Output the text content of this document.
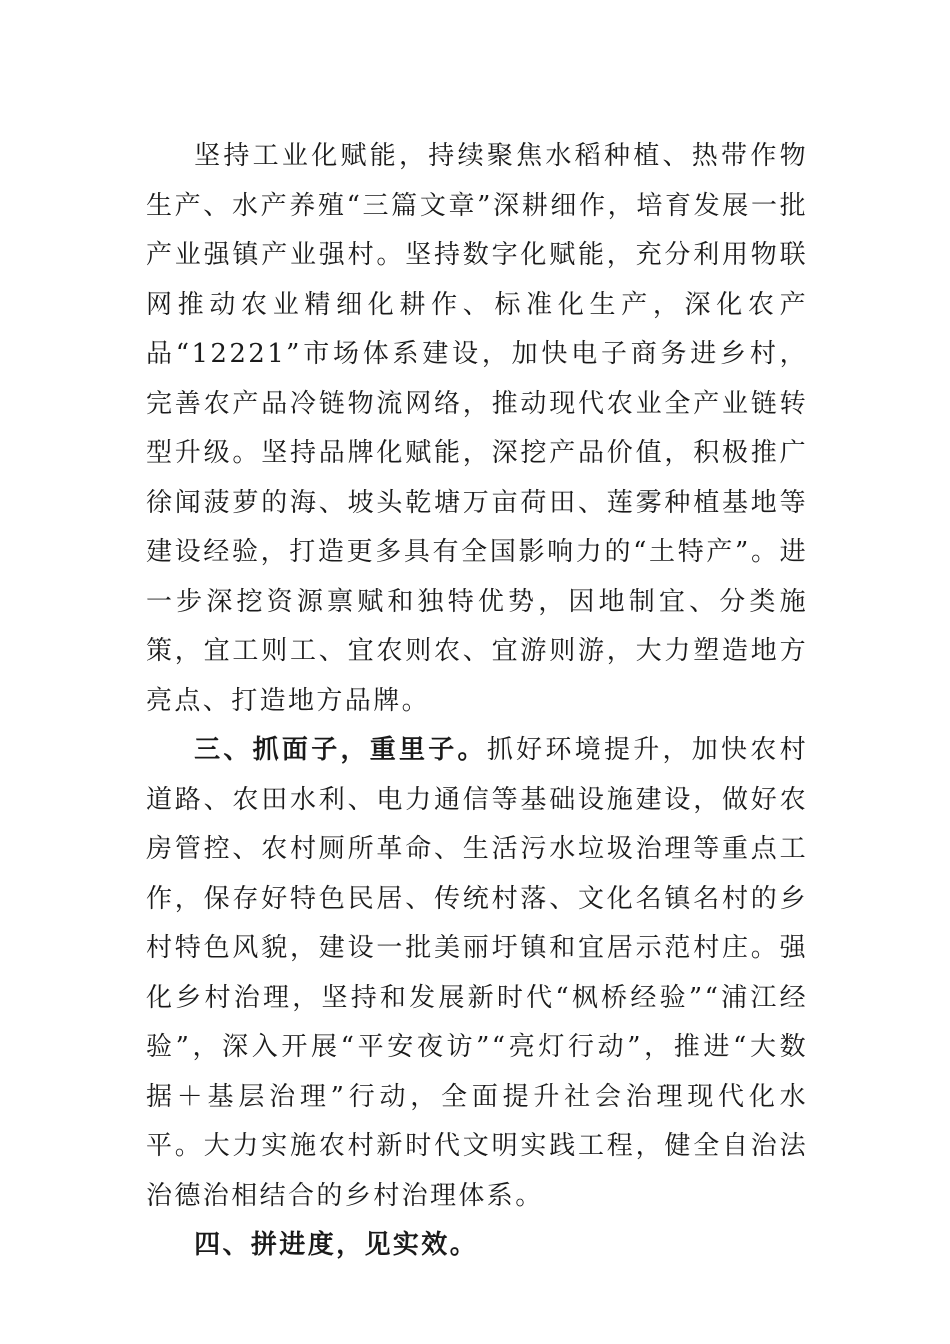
坚持工业化赋能，持续聚焦水稻种植、热带作物生产、水产养殖“三篇文章”深耕细作，培育发展一批产业强镇产业强村。坚持数字化赋能，充分利用物联网推动农业精细化耕作、标准化生产，深化农产品“12221”市场体系建设，加快电子商务进乡村，完善农产品冷链物流网络，推动现代农业全产业链转型升级。坚持品牌化赋能，深挖产品价值，积极推广徐闻菠萝的海、坡头乾塘万亩荷田、莲雾种植基地等建设经验，打造更多具有全国影响力的“土特产”。进一步深挖资源禀赋和独特优势，因地制宜、分类施策，宜工则工、宜农则农、宜游则游，大力塑造地方亮点、打造地方品牌。

三、抓面子，重里子。抓好环境提升，加快农村道路、农田水利、电力通信等基础设施建设，做好农房管控、农村厕所革命、生活污水垃圾治理等重点工作，保存好特色民居、传统村落、文化名镇名村的乡村特色风貌，建设一批美丽圩镇和宜居示范村庄。强化乡村治理，坚持和发展新时代“枫桥经验”“浦江经验”，深入开展“平安夜访”“亮灯行动”，推进“大数据＋基层治理”行动，全面提升社会治理现代化水平。大力实施农村新时代文明实践工程，健全自治法治德治相结合的乡村治理体系。

四、拼进度，见实效。
